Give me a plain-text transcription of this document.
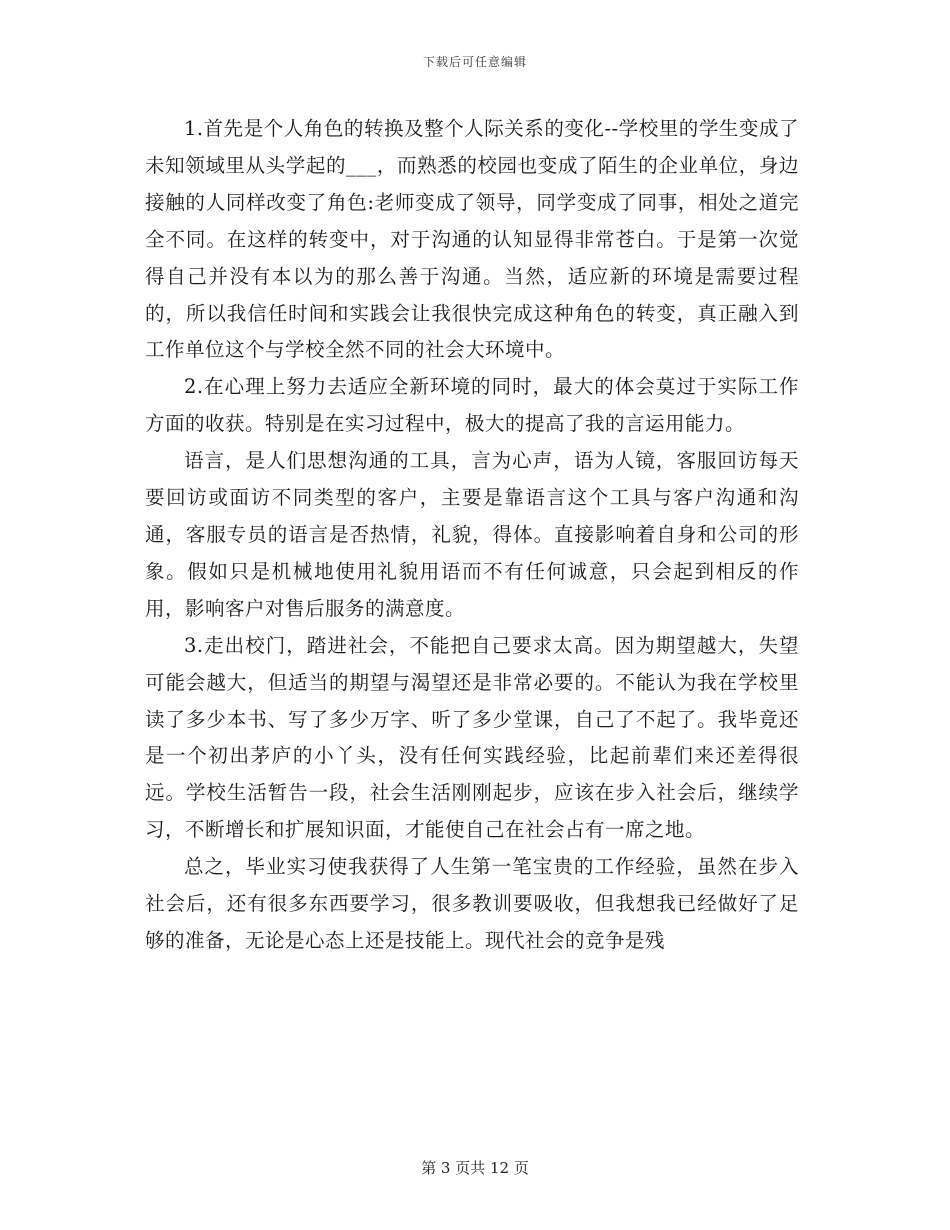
下载后可任意编辑

1.首先是个人角色的转换及整个人际关系的变化--学校里的学生变成了未知领域里从头学起的___，而熟悉的校园也变成了陌生的企业单位，身边接触的人同样改变了角色:老师变成了领导，同学变成了同事，相处之道完全不同。在这样的转变中，对于沟通的认知显得非常苍白。于是第一次觉得自己并没有本以为的那么善于沟通。当然，适应新的环境是需要过程的，所以我信任时间和实践会让我很快完成这种角色的转变，真正融入到工作单位这个与学校全然不同的社会大环境中。

2.在心理上努力去适应全新环境的同时，最大的体会莫过于实际工作方面的收获。特别是在实习过程中，极大的提高了我的言运用能力。

语言，是人们思想沟通的工具，言为心声，语为人镜，客服回访每天要回访或面访不同类型的客户，主要是靠语言这个工具与客户沟通和沟通，客服专员的语言是否热情，礼貌，得体。直接影响着自身和公司的形象。假如只是机械地使用礼貌用语而不有任何诚意，只会起到相反的作用，影响客户对售后服务的满意度。

3.走出校门，踏进社会，不能把自己要求太高。因为期望越大，失望可能会越大，但适当的期望与渴望还是非常必要的。不能认为我在学校里读了多少本书、写了多少万字、听了多少堂课，自己了不起了。我毕竟还是一个初出茅庐的小丫头，没有任何实践经验，比起前辈们来还差得很远。学校生活暂告一段，社会生活刚刚起步，应该在步入社会后，继续学习，不断增长和扩展知识面，才能使自己在社会占有一席之地。

总之，毕业实习使我获得了人生第一笔宝贵的工作经验，虽然在步入社会后，还有很多东西要学习，很多教训要吸收，但我想我已经做好了足够的准备，无论是心态上还是技能上。现代社会的竞争是残

第 3 页共 12 页
